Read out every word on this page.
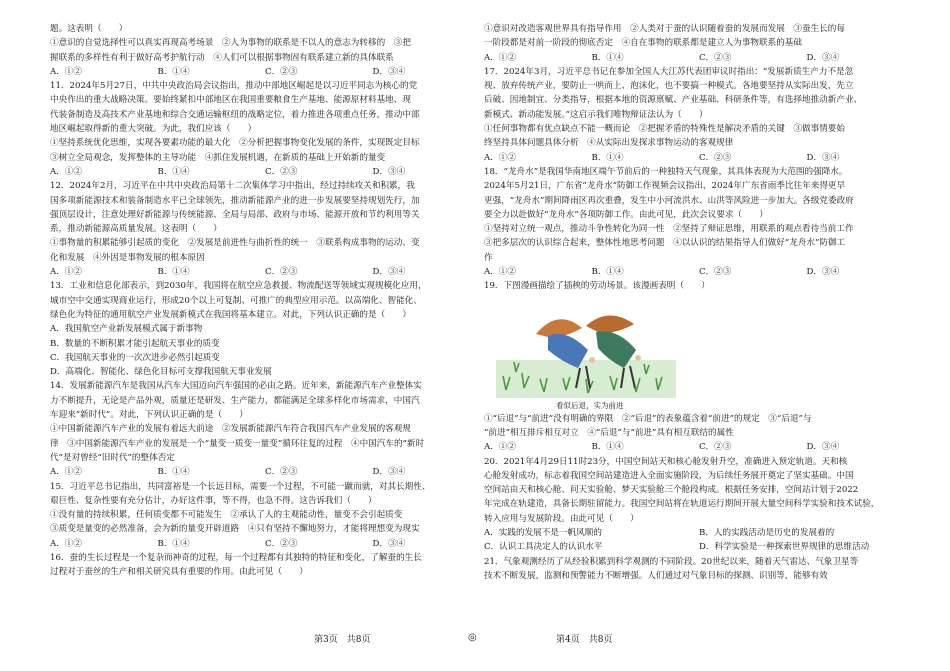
题。这表明（　　）
①意识的自觉选择性可以真实再现高考场景　②人为事物的联系是不以人的意志为转移的　③把
握联系的多样性有利于做好高考护航行动　④人们可以根据事物固有联系建立新的具体联系
A．①②	B．①④	C．②③	D．③④
11．2024年5月27日，中共中央政治局会议指出，推动中部地区崛起是以习近平同志为核心的党
中央作出的重大战略决策。要始终紧扣中部地区在我国重要粮食生产基地、能源原材料基地、现
代装备制造及高技术产业基地和综合交通运输枢纽的战略定位，着力推进各项重点任务，推动中部
地区崛起取得新的重大突破。为此，我们应该（　　）
①坚持系统优化思维，实现各要素功能的最大化　②分析把握事物变化发展的条件，实现既定目标
③树立全局观念，发挥整体的主导功能　④抓住发展机遇，在新质的基础上开始新的量变
A．①②	B．①④	C．②③	D．③④
12．2024年2月，习近平在中共中央政治局第十二次集体学习中指出，经过持续攻关和积累，我
国多项新能源技术和装备制造水平已全球领先，推动新能源产业的进一步发展要坚持规划先行，加
强顶层设计，注意处理好新能源与传统能源、全局与局部、政府与市场、能源开放和节约利用等关
系，推动新能源高质量发展。这表明（　　）
①事物量的积累能够引起质的变化　②发展是前进性与曲折性的统一　③联系构成事物的运动、变
化和发展　④外因是事物发展的根本原因
A．①②	B．①④	C．②③	D．③④
13．工业和信息化部表示，到2030年，我国将在航空应急救援、物流配送等领域实现规模化应用，
城市空中交通实现商业运行，形成20个以上可复制、可推广的典型应用示范。以高端化、智能化、
绿色化为特征的通用航空产业发展新模式在我国将基本建立。对此，下列认识正确的是（　　）
A．我国航空产业新发展模式属于新事物
B．数量的不断积累才能引起航天事业的质变
C．我国航天事业的一次次进步必然引起质变
D．高端化、智能化、绿色化目标可支撑我国航天事业发展
14．发展新能源汽车是我国从汽车大国迈向汽车强国的必由之路。近年来，新能源汽车产业整体实
力不断提升，无论是产品外观，质量还是研发、生产能力，都能满足全球多样化市场需求，中国汽
车迎来“新时代”。对此，下列认识正确的是（　　）
①中国新能源汽车产业的发展有着远大前途　②发展新能源汽车符合我国汽车产业发展的客观规
律　③中国新能源汽车产业的发展是一个“量变一质变一量变”循环往复的过程　④中国汽车的“新时
代”是对曾经“旧时代”的整体否定
A．①②	B．①④	C．②③	D．③④
15．习近平总书记指出，共同富裕是一个长远目标，需要一个过程，不可能一蹴而就，对其长期性、
艰巨性、复杂性要有充分估计，办好这件事，等不得，也急不得。这告诉我们（　　）
①没有量的持续积累，任何质变都不可能发生　②承认了人的主观能动性，量变不会引起质变
③质变是量变的必然准备，会为新的量变开辟道路　④只有坚持不懈地努力，才能将理想变为现实
A．①②	B．①④	C．②③	D．③④
16．蚕的生长过程是一个复杂而神奇的过程，每一个过程都有其独特的特征和变化，了解蚕的生长
过程对于蚕丝的生产和相关研究具有重要的作用。由此可见（　　）
①意识对改造客观世界具有指导作用　②人类对于蚕的认识随着蚕的发展而发展　③蚕生长的每
一阶段都是对前一阶段的彻底否定　④自在事物的联系都是建立人为事物联系的基础
A．①②	B．①④	C．②③	D．③④
17．2024年3月，习近平总书记在参加全国人大江苏代表团审议时指出：“发展新质生产力不是忽
视、放弃传统产业，要防止一哄而上、泡沫化，也不要搞一种模式。各地要坚持从实际出发，先立
后破、因地制宜、分类指导，根据本地的资源禀赋、产业基础、科研条件等，有选择地推动新产业、
新模式、新动能发展。”这启示我们唯物辩证法认为（　　）
①任何事物都有优点缺点不能一概而论　②把握矛盾的特殊性是解决矛盾的关键　③做事情要始
终坚持具体问题具体分析　④从实际出发探求事物运动的客观规律
A．①②	B．①④	C．②③	D．③④
18．“龙舟水”是我国华南地区端午节前后的一种独特天气现象，其具体表现为大范围的强降水。
2024年5月21日，广东省“龙舟水”防御工作视频会议指出，2024年广东省雨季比往年来得更早
更强，“龙舟水”期间降雨区再次重叠，发生中小河流洪水、山洪等风险进一步加大。各级党委政府
要全力以赴做好“龙舟水”各项防御工作。由此可见，此次会议要求（　　）
①坚持对立统一观点，推动斗争性转化为同一性　②坚持了辩证思维，用联系的观点看待当前工作
③把多层次的认识综合起来，整体性地思考问题　④以认识的结果指导人们做好“龙舟水”防御工
作
A．①②	B．①④	C．②③	D．③④
19．下图漫画描绘了插秧的劳动场景。该漫画表明（　　）
看似后退，实为前进
①“后退”与“前进”没有明确的界限　②“后退”的表象蕴含着“前进”的规定　③“后退”与
“前进”相互排斥相互对立　④“后退”与“前进”具有相互联结的属性
A．①②	B．①④	C．②③	D．③④
20．2021年4月29日11时23分，中国空间站天和核心舱发射升空，准确进入预定轨道。天和核
心舱发射成功，标志着我国空间站建造进入全面实施阶段，为后续任务展开奠定了坚实基础。中国
空间站由天和核心舱、问天实验舱、梦天实验舱三个舱段构成。根据任务安排，空间站计划于2022
年完成在轨建造，具备长期驻留能力。我国空间站将在轨道运行期间开展大量空间科学实验和技术试验，
转入应用与发展阶段。由此可见（　　）
A．实践的发展不是一帆风顺的	B．人的实践活动是历史的发展着的
C．认识工具决定人的认识水平	D．科学实验是一种探索世界规律的思维活动
21．气象观测经历了从经验积累到科学观测的不同阶段。20世纪以来，随着天气雷达、气象卫星等
技术不断发展，监测和预警能力不断增强。人们通过对气象目标的探测、识别等，能够有效
第3页　共8页	◎	第4页　共8页
